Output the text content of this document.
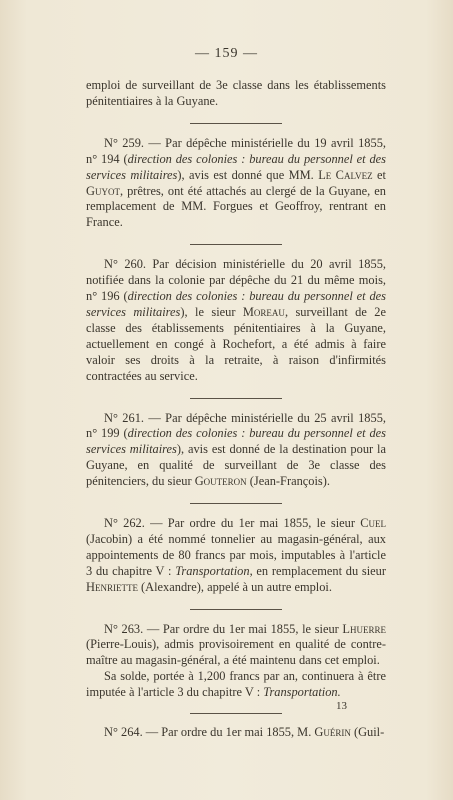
— 159 —

emploi de surveillant de 3e classe dans les établissements pénitentiaires à la Guyane.

N° 259. — Par dépêche ministérielle du 19 avril 1855, n° 194 (direction des colonies : bureau du personnel et des services militaires), avis est donné que MM. Le Calvez et Guyot, prêtres, ont été attachés au clergé de la Guyane, en remplacement de MM. Forgues et Geoffroy, rentrant en France.

N° 260. Par décision ministérielle du 20 avril 1855, notifiée dans la colonie par dépêche du 21 du même mois, n° 196 (direction des colonies : bureau du personnel et des services militaires), le sieur Moreau, surveillant de 2e classe des établissements pénitentiaires à la Guyane, actuellement en congé à Rochefort, a été admis à faire valoir ses droits à la retraite, à raison d'infirmités contractées au service.

N° 261. — Par dépêche ministérielle du 25 avril 1855, n° 199 (direction des colonies : bureau du personnel et des services militaires), avis est donné de la destination pour la Guyane, en qualité de surveillant de 3e classe des pénitenciers, du sieur Gouteron (Jean-François).

N° 262. — Par ordre du 1er mai 1855, le sieur Cuel (Jacobin) a été nommé tonnelier au magasin-général, aux appointements de 80 francs par mois, imputables à l'article 3 du chapitre V : Transportation, en remplacement du sieur Henriette (Alexandre), appelé à un autre emploi.

N° 263. — Par ordre du 1er mai 1855, le sieur Lhuerre (Pierre-Louis), admis provisoirement en qualité de contre-maître au magasin-général, a été maintenu dans cet emploi.

Sa solde, portée à 1,200 francs par an, continuera à être imputée à l'article 3 du chapitre V : Transportation.

N° 264. — Par ordre du 1er mai 1855, M. Guérin (Guil-

13
